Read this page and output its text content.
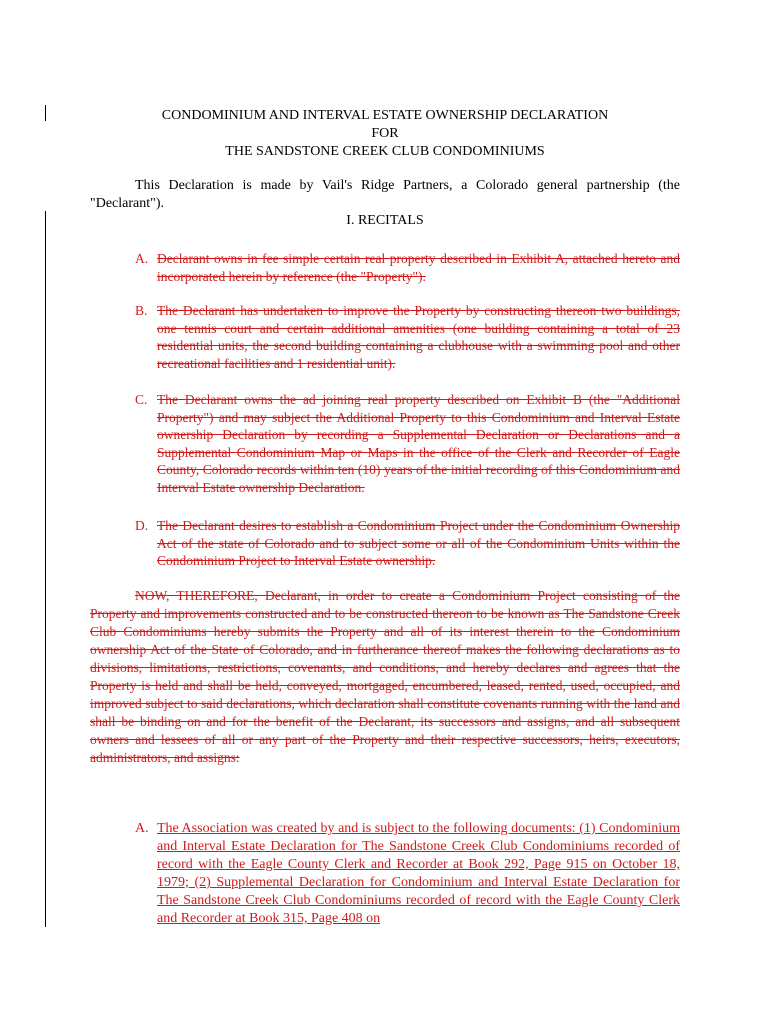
CONDOMINIUM AND INTERVAL ESTATE OWNERSHIP DECLARATION
FOR
THE SANDSTONE CREEK CLUB CONDOMINIUMS
This Declaration is made by Vail's Ridge Partners, a Colorado general partnership (the "Declarant").
I. RECITALS
A. Declarant owns in fee simple certain real property described in Exhibit A, attached hereto and incorporated herein by reference (the "Property").
B. The Declarant has undertaken to improve the Property by constructing thereon two buildings, one tennis court and certain additional amenities (one building containing a total of 23 residential units, the second building containing a clubhouse with a swimming pool and other recreational facilities and 1 residential unit).
C. The Declarant owns the ad joining real property described on Exhibit B (the "Additional Property") and may subject the Additional Property to this Condominium and Interval Estate ownership Declaration by recording a Supplemental Declaration or Declarations and a Supplemental Condominium Map or Maps in the office of the Clerk and Recorder of Eagle County, Colorado records within ten (10) years of the initial recording of this Condominium and Interval Estate ownership Declaration.
D. The Declarant desires to establish a Condominium Project under the Condominium Ownership Act of the state of Colorado and to subject some or all of the Condominium Units within the Condominium Project to Interval Estate ownership.
NOW, THEREFORE, Declarant, in order to create a Condominium Project consisting of the Property and improvements constructed and to be constructed thereon to be known as The Sandstone Creek Club Condominiums hereby submits the Property and all of its interest therein to the Condominium ownership Act of the State of Colorado, and in furtherance thereof makes the following declarations as to divisions, limitations, restrictions, covenants, and conditions, and hereby declares and agrees that the Property is held and shall be held, conveyed, mortgaged, encumbered, leased, rented, used, occupied, and improved subject to said declarations, which declaration shall constitute covenants running with the land and shall be binding on and for the benefit of the Declarant, its successors and assigns, and all subsequent owners and lessees of all or any part of the Property and their respective successors, heirs, executors, administrators, and assigns:
A. The Association was created by and is subject to the following documents: (1) Condominium and Interval Estate Declaration for The Sandstone Creek Club Condominiums recorded of record with the Eagle County Clerk and Recorder at Book 292, Page 915 on October 18, 1979; (2) Supplemental Declaration for Condominium and Interval Estate Declaration for The Sandstone Creek Club Condominiums recorded of record with the Eagle County Clerk and Recorder at Book 315, Page 408 on
